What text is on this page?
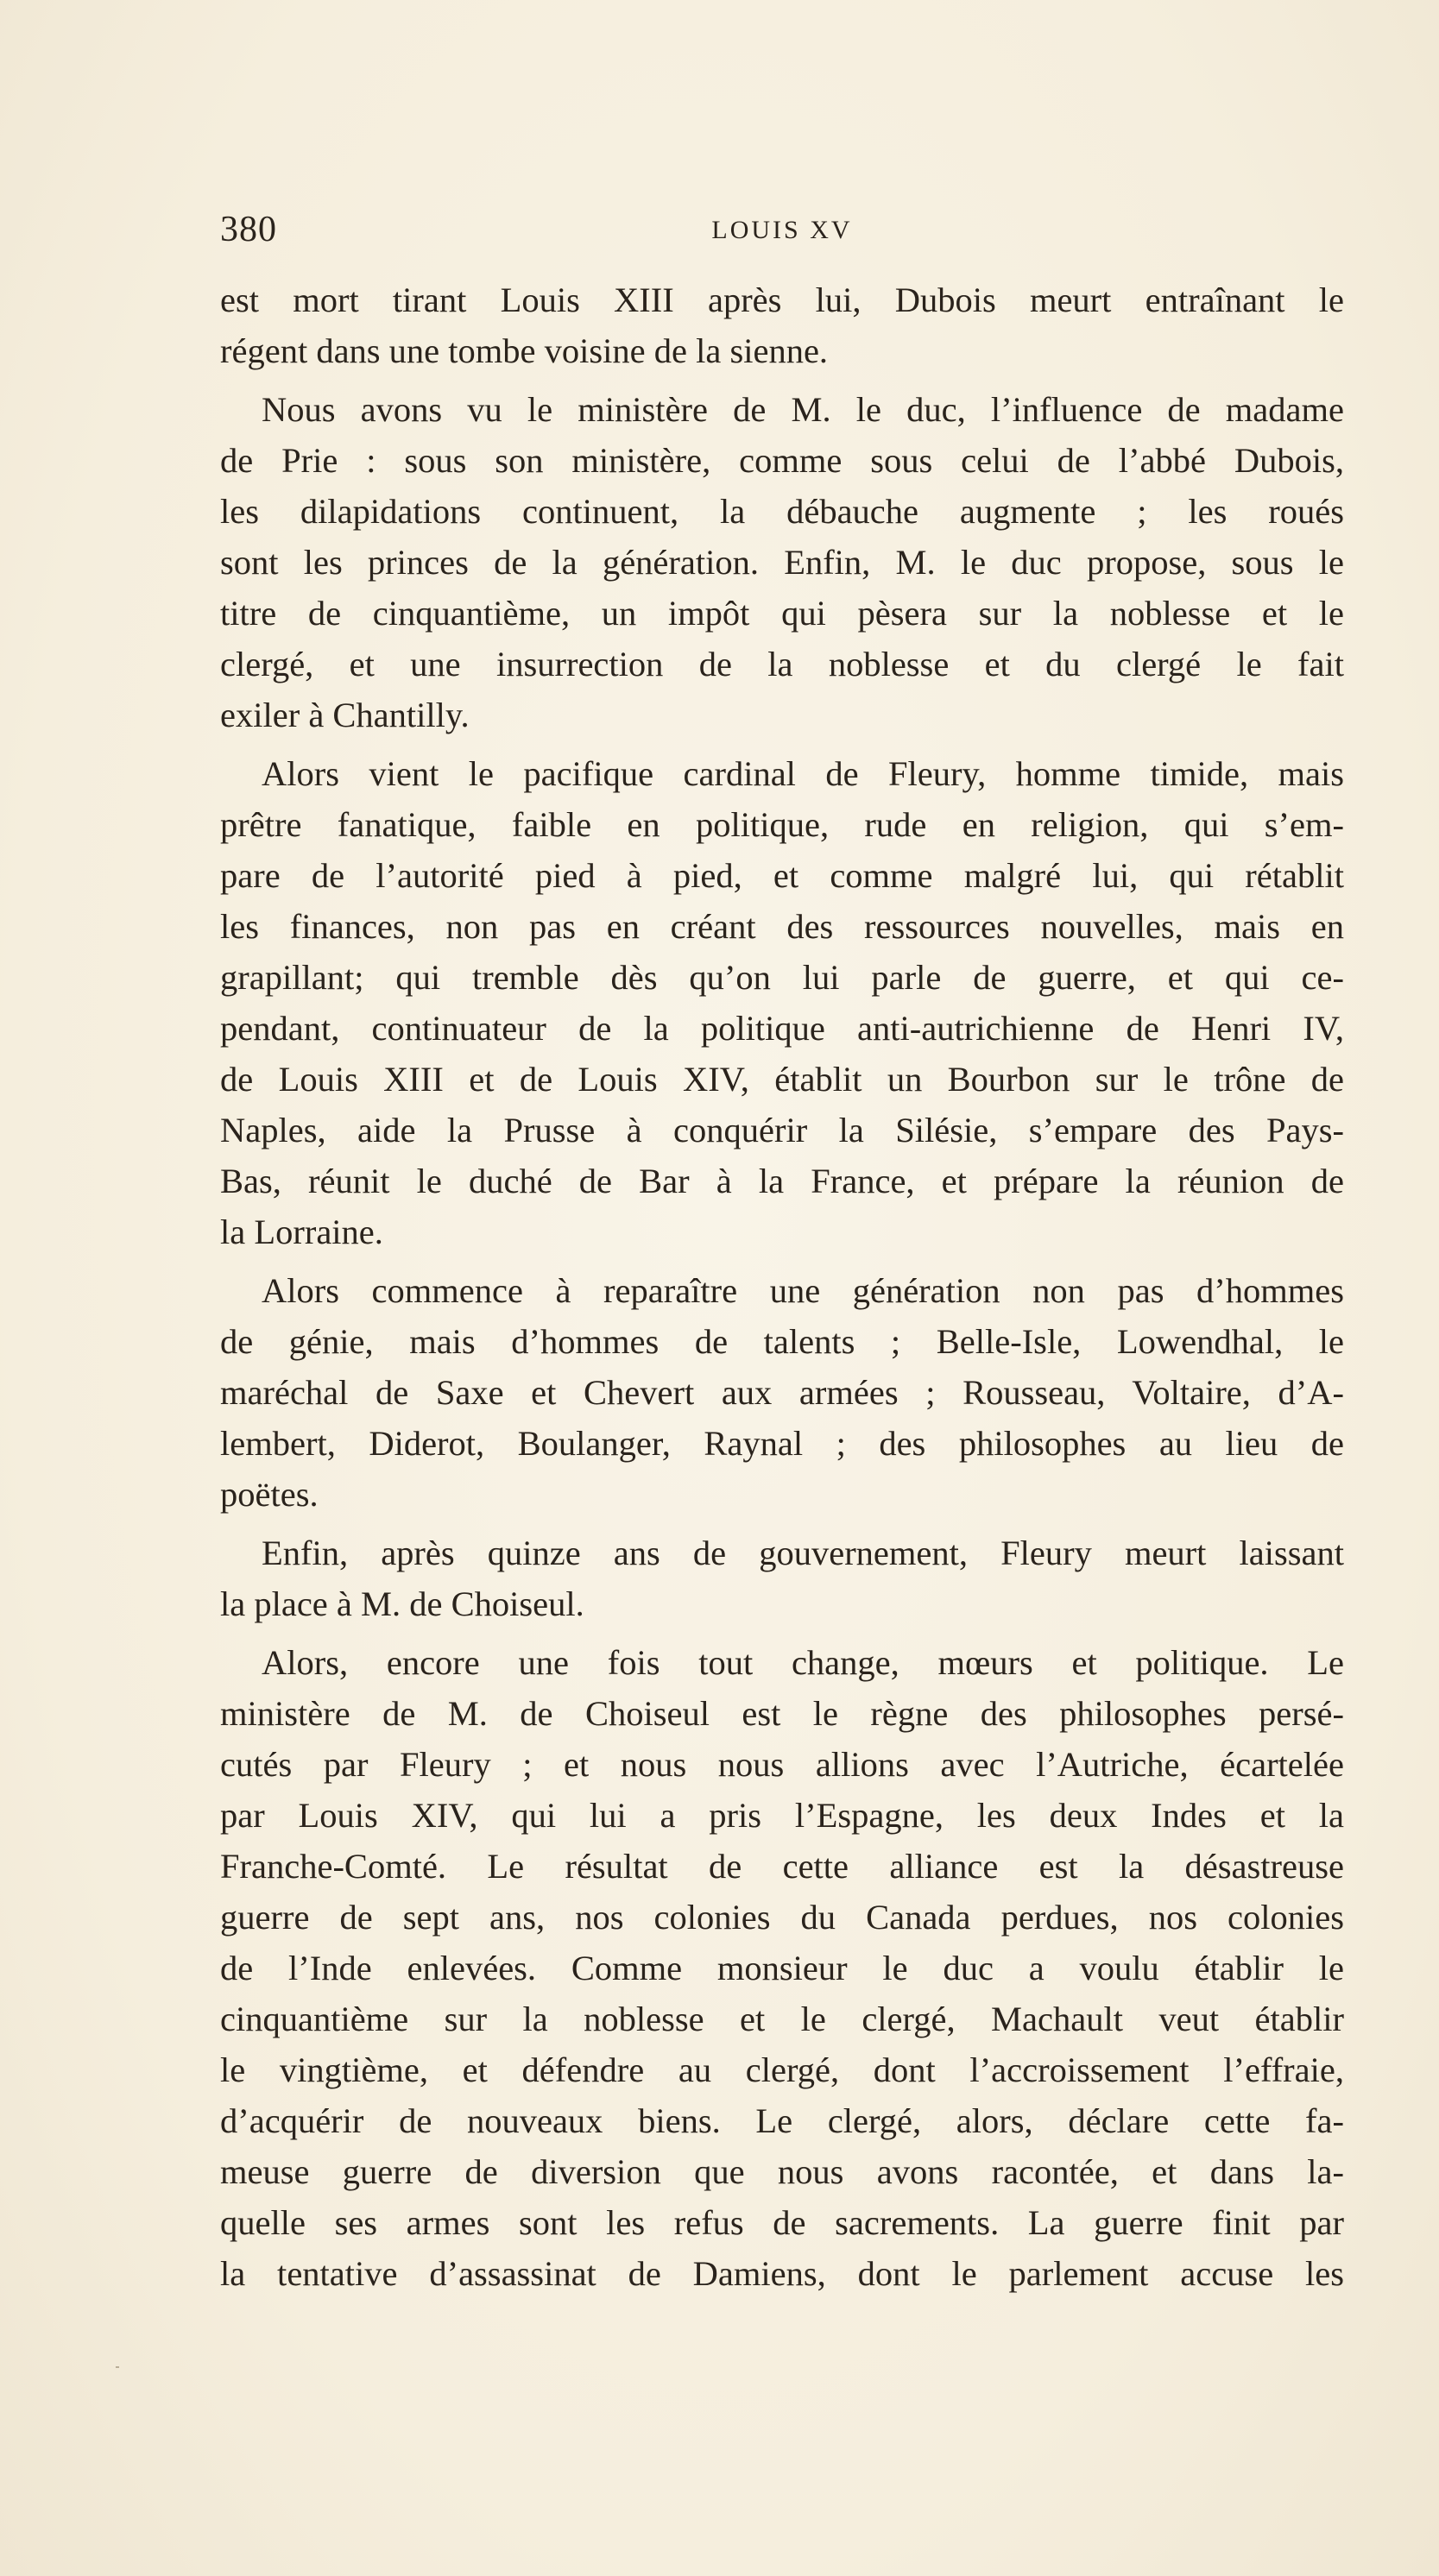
380	LOUIS XV
est mort tirant Louis XIII après lui, Dubois meurt entraînant le
régent dans une tombe voisine de la sienne.
Nous avons vu le ministère de M. le duc, l’influence de madame
de Prie : sous son ministère, comme sous celui de l’abbé Dubois,
les dilapidations continuent, la débauche augmente ; les roués
sont les princes de la génération. Enfin, M. le duc propose, sous le
titre de cinquantième, un impôt qui pèsera sur la noblesse et le
clergé, et une insurrection de la noblesse et du clergé le fait
exiler à Chantilly.
Alors vient le pacifique cardinal de Fleury, homme timide, mais
prêtre fanatique, faible en politique, rude en religion, qui s’em-
pare de l’autorité pied à pied, et comme malgré lui, qui rétablit
les finances, non pas en créant des ressources nouvelles, mais en
grapillant; qui tremble dès qu’on lui parle de guerre, et qui ce-
pendant, continuateur de la politique anti-autrichienne de Henri IV,
de Louis XIII et de Louis XIV, établit un Bourbon sur le trône de
Naples, aide la Prusse à conquérir la Silésie, s’empare des Pays-
Bas, réunit le duché de Bar à la France, et prépare la réunion de
la Lorraine.
Alors commence à reparaître une génération non pas d’hommes
de génie, mais d’hommes de talents ; Belle-Isle, Lowendhal, le
maréchal de Saxe et Chevert aux armées ; Rousseau, Voltaire, d’A-
lembert, Diderot, Boulanger, Raynal ; des philosophes au lieu de
poëtes.
Enfin, après quinze ans de gouvernement, Fleury meurt laissant
la place à M. de Choiseul.
Alors, encore une fois tout change, mœurs et politique. Le
ministère de M. de Choiseul est le règne des philosophes persé-
cutés par Fleury ; et nous nous allions avec l’Autriche, écartelée
par Louis XIV, qui lui a pris l’Espagne, les deux Indes et la
Franche-Comté. Le résultat de cette alliance est la désastreuse
guerre de sept ans, nos colonies du Canada perdues, nos colonies
de l’Inde enlevées. Comme monsieur le duc a voulu établir le
cinquantième sur la noblesse et le clergé, Machault veut établir
le vingtième, et défendre au clergé, dont l’accroissement l’effraie,
d’acquérir de nouveaux biens. Le clergé, alors, déclare cette fa-
meuse guerre de diversion que nous avons racontée, et dans la-
quelle ses armes sont les refus de sacrements. La guerre finit par
la tentative d’assassinat de Damiens, dont le parlement accuse les
